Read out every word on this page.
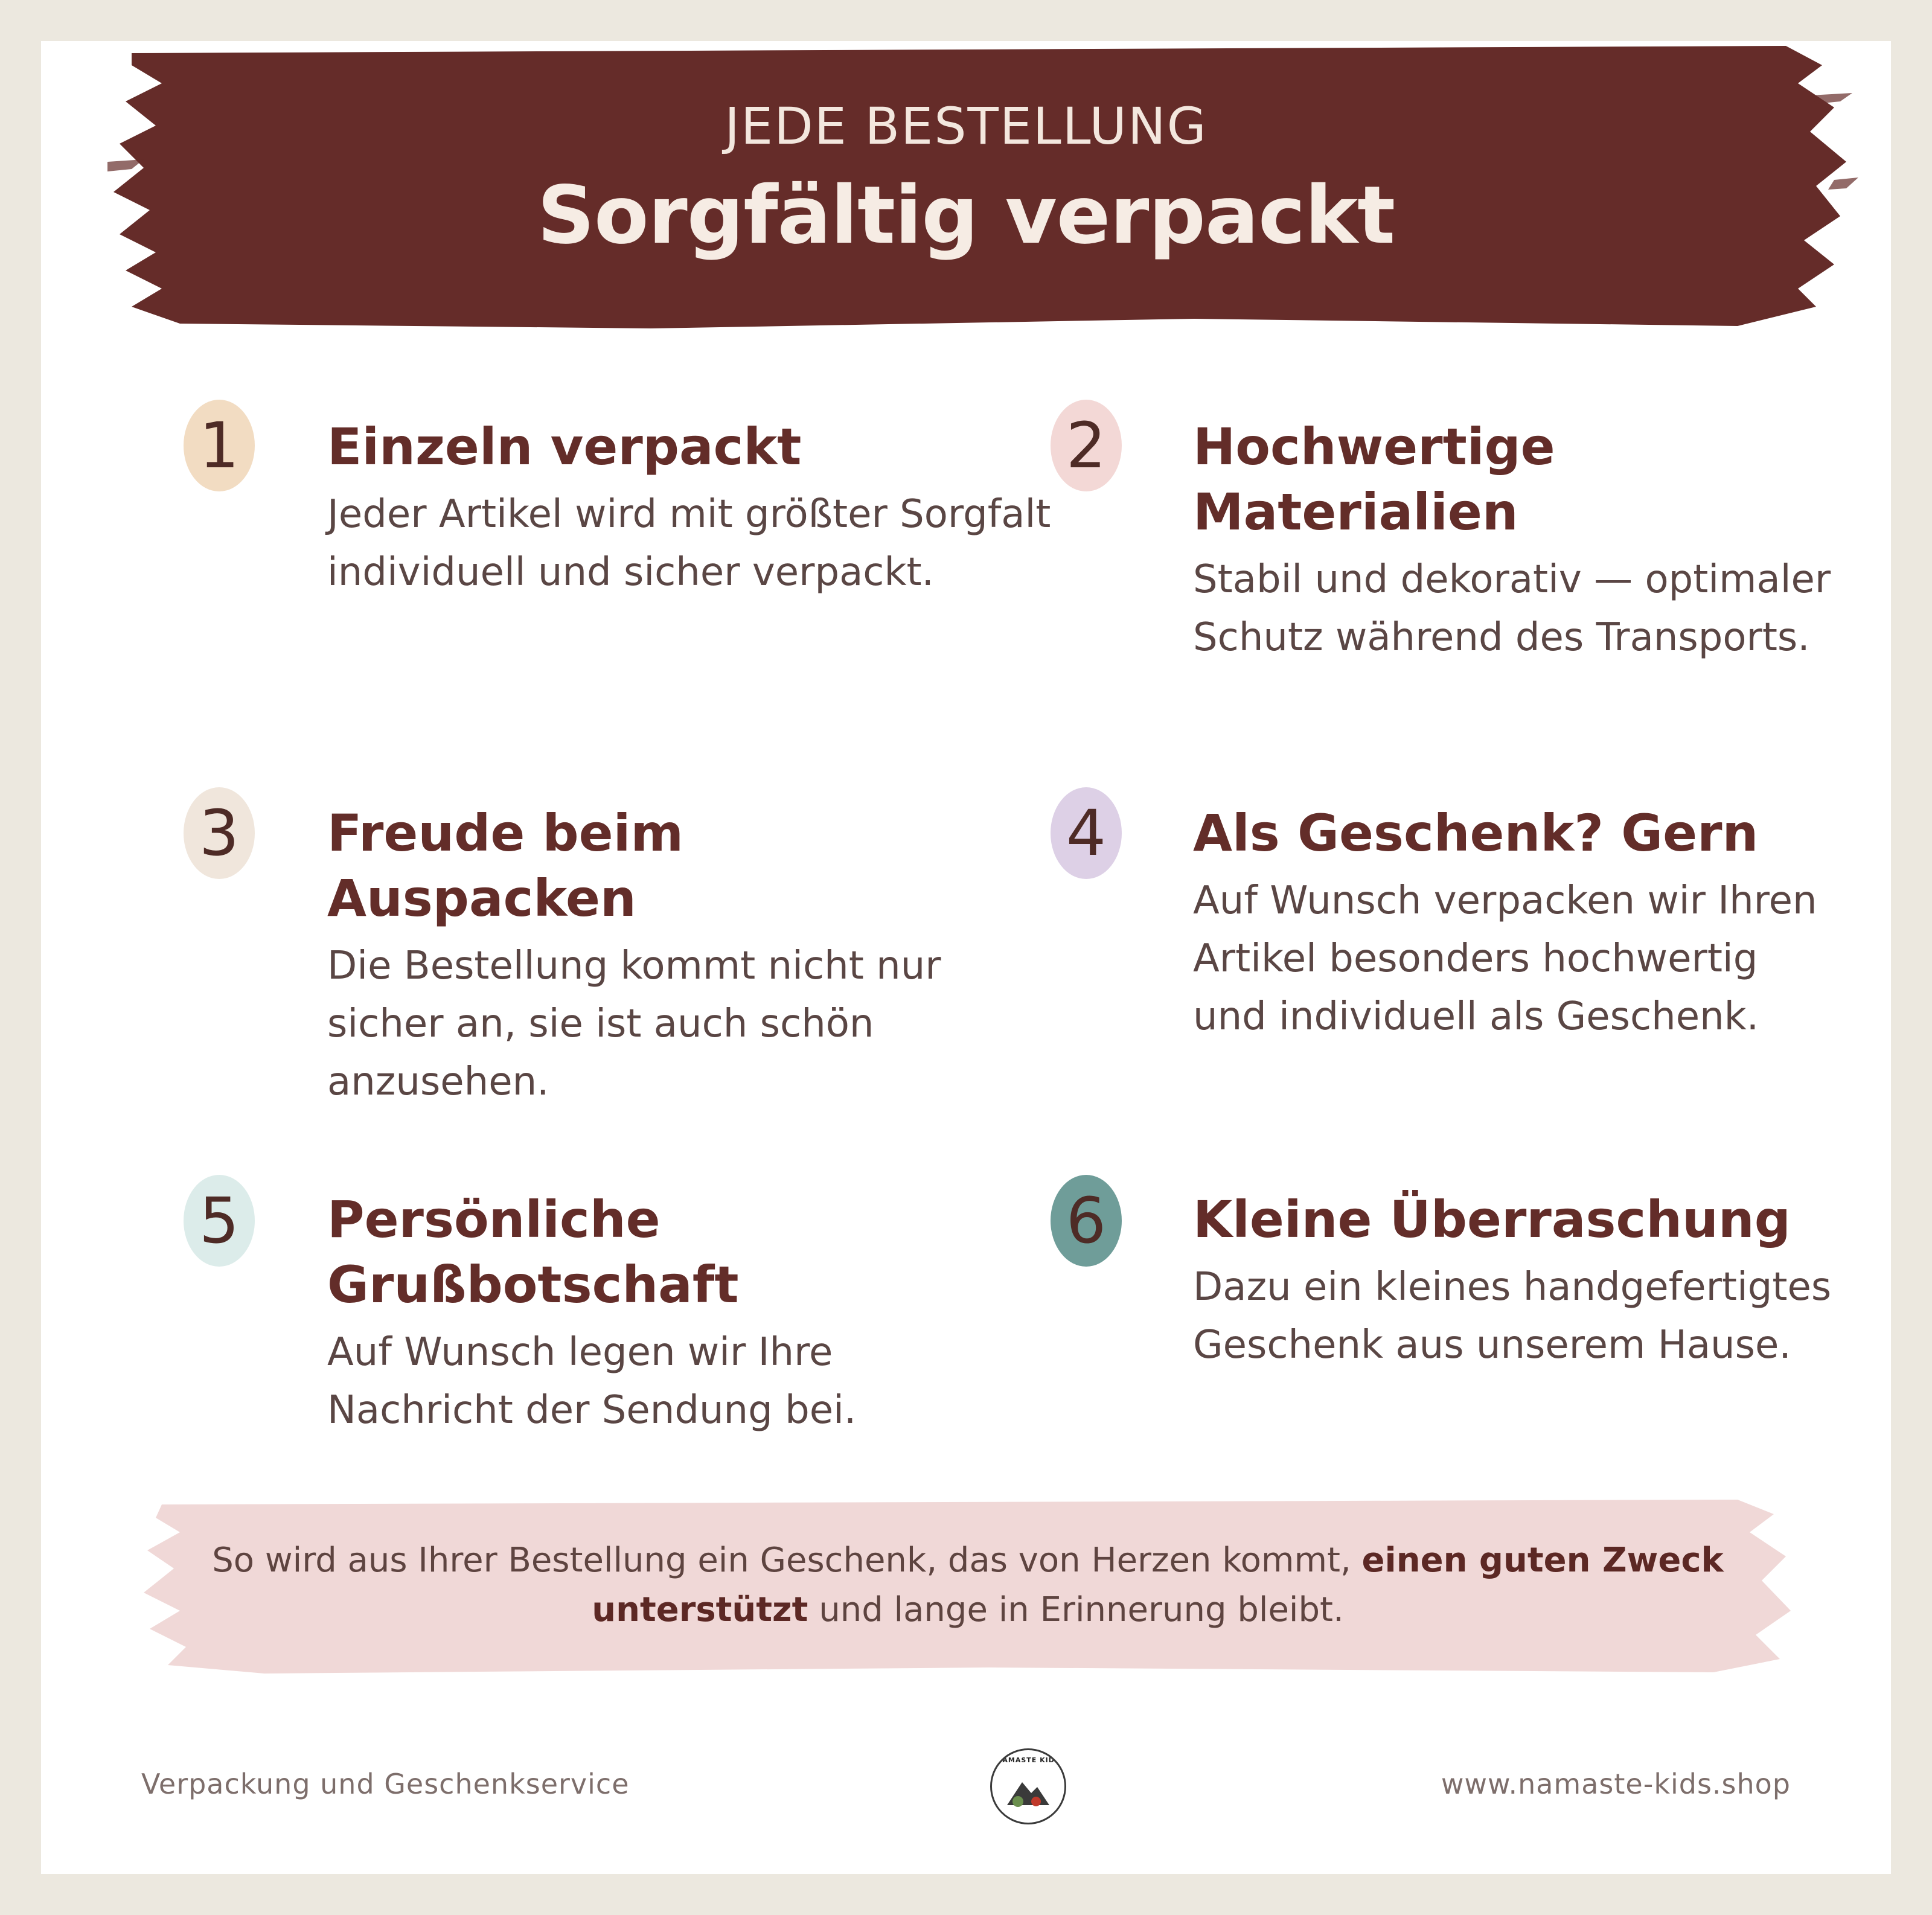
JEDE BESTELLUNG
Sorgfältig verpackt
1 Einzeln verpackt
Jeder Artikel wird mit größter Sorgfalt individuell und sicher verpackt.
2 Hochwertige Materialien
Stabil und dekorativ — optimaler Schutz während des Transports.
3 Freude beim Auspacken
Die Bestellung kommt nicht nur sicher an, sie ist auch schön anzusehen.
4 Als Geschenk? Gern
Auf Wunsch verpacken wir Ihren Artikel besonders hochwertig und individuell als Geschenk.
5 Persönliche Grußbotschaft
Auf Wunsch legen wir Ihre Nachricht der Sendung bei.
6 Kleine Überraschung
Dazu ein kleines handgefertigtes Geschenk aus unserem Hause.
So wird aus Ihrer Bestellung ein Geschenk, das von Herzen kommt, einen guten Zweck unterstützt und lange in Erinnerung bleibt.
Verpackung und Geschenkservice
NAMASTE KIDS
www.namaste-kids.shop
